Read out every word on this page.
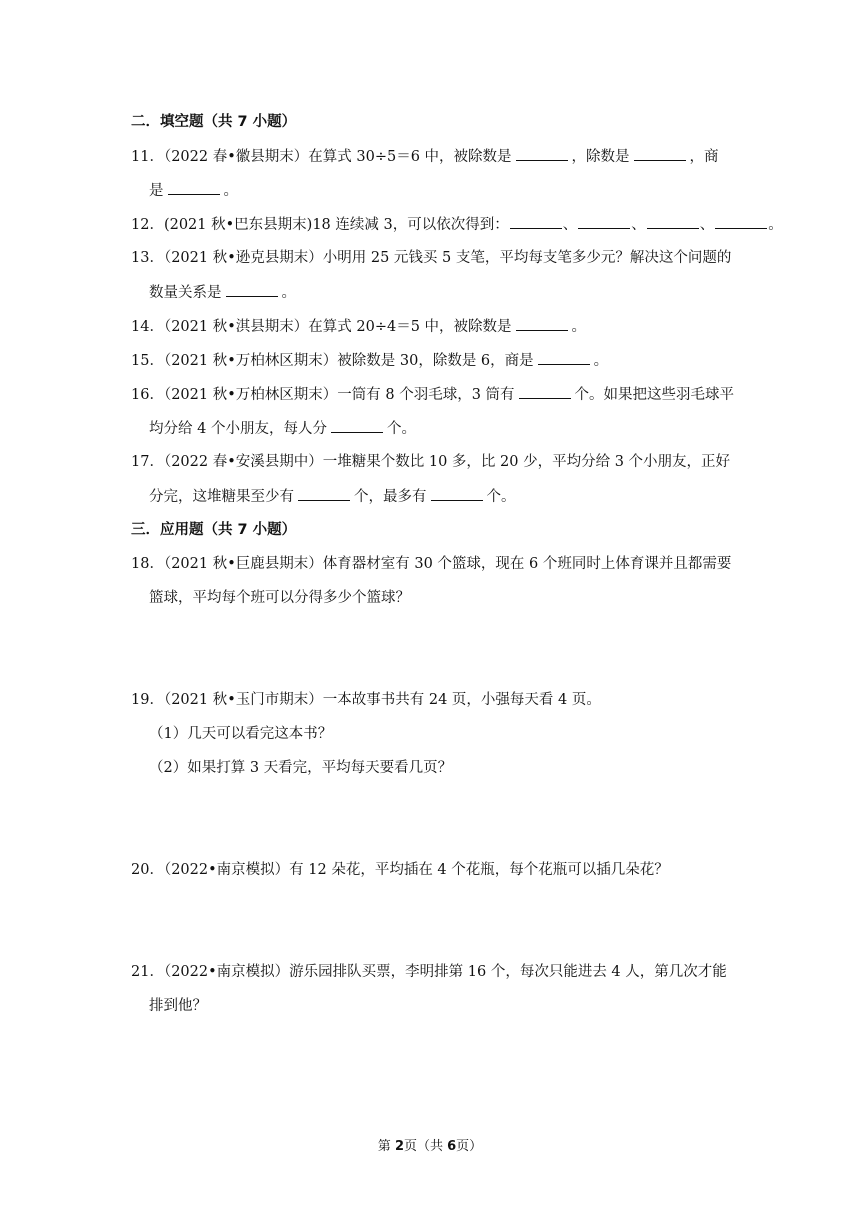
二．填空题（共 7 小题）
11．（2022 春•徽县期末）在算式 30÷5＝6 中，被除数是	，除数是	，商
是	。
12．(2021 秋•巴东县期末)18 连续减 3，可以依次得到：	、	、	、	。
13．（2021 秋•逊克县期末）小明用 25 元钱买 5 支笔，平均每支笔多少元？解决这个问题的
数量关系是	。
14．（2021 秋•淇县期末）在算式 20÷4＝5 中，被除数是	。
15．（2021 秋•万柏林区期末）被除数是 30，除数是 6，商是	。
16．（2021 秋•万柏林区期末）一筒有 8 个羽毛球，3 筒有	个。如果把这些羽毛球平
均分给 4 个小朋友，每人分	个。
17．（2022 春•安溪县期中）一堆糖果个数比 10 多，比 20 少，平均分给 3 个小朋友，正好
分完，这堆糖果至少有	个，最多有	个。
三．应用题（共 7 小题）
18．（2021 秋•巨鹿县期末）体育器材室有 30 个篮球，现在 6 个班同时上体育课并且都需要
篮球，平均每个班可以分得多少个篮球？
19．（2021 秋•玉门市期末）一本故事书共有 24 页，小强每天看 4 页。
（1）几天可以看完这本书？
（2）如果打算 3 天看完，平均每天要看几页？
20．（2022•南京模拟）有 12 朵花，平均插在 4 个花瓶，每个花瓶可以插几朵花？
21．（2022•南京模拟）游乐园排队买票，李明排第 16 个，每次只能进去 4 人，第几次才能
排到他？
第 2页（共 6页）
